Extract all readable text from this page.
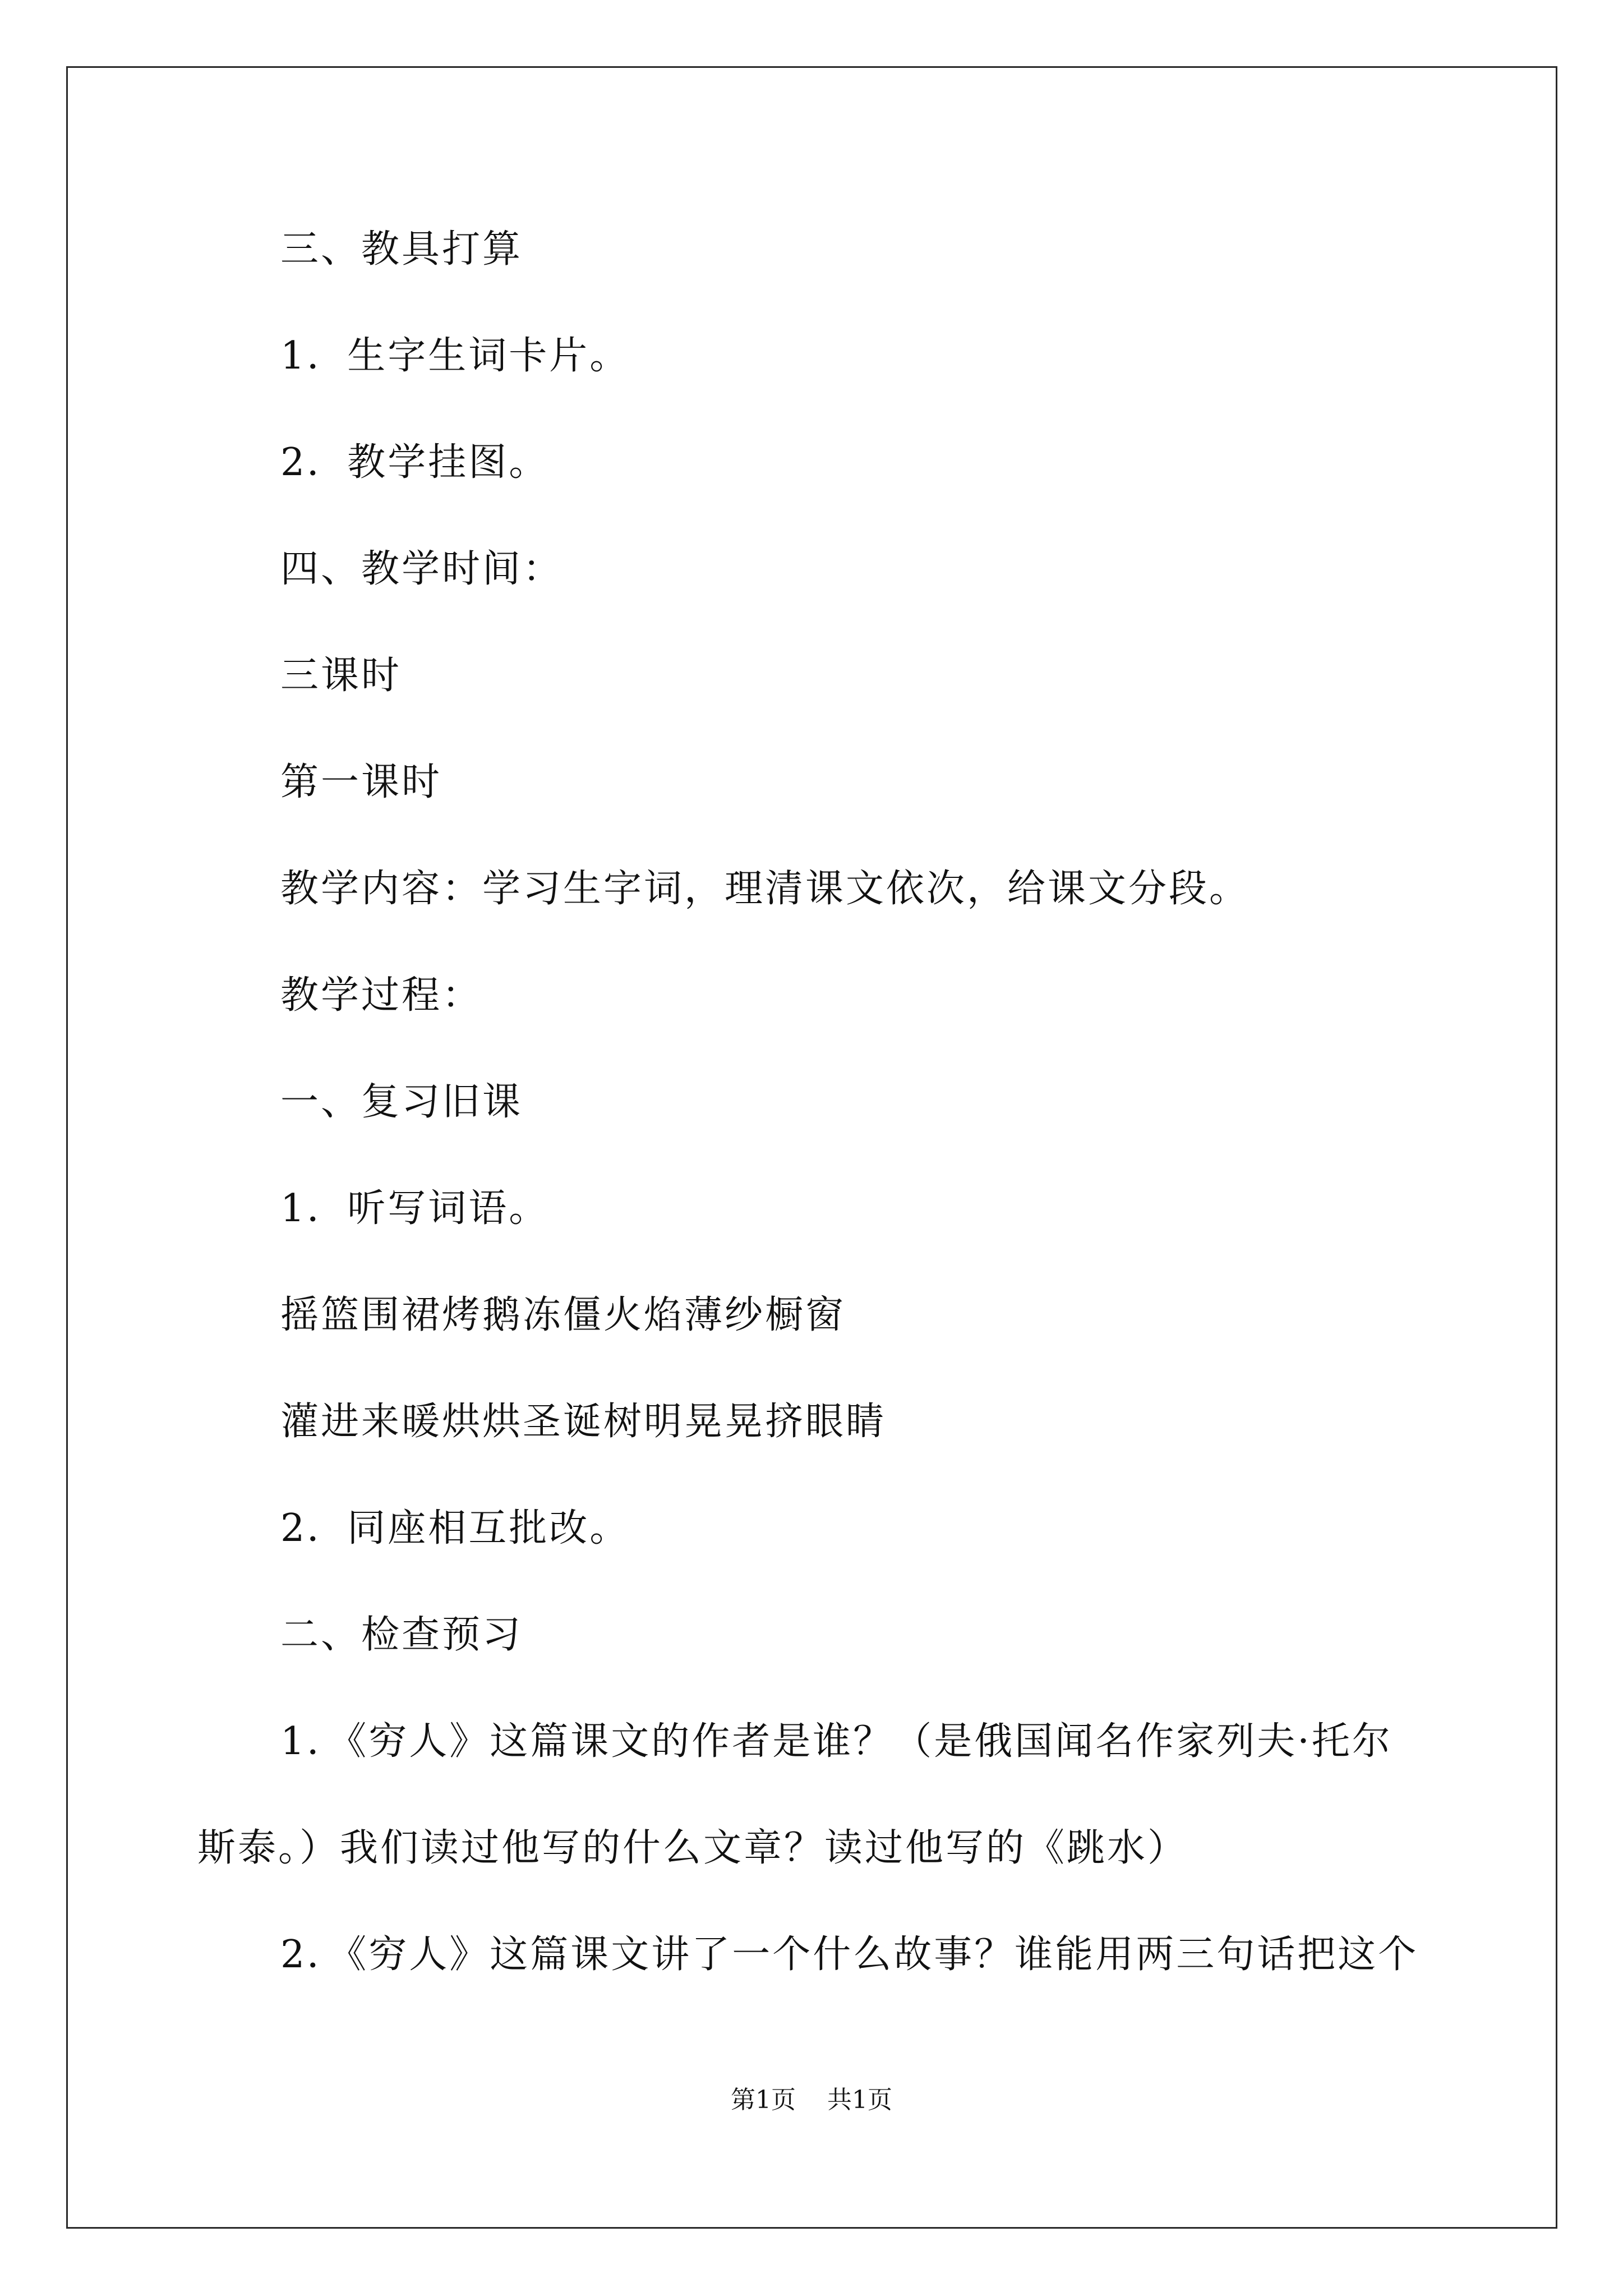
三、教具打算
1．生字生词卡片。
2．教学挂图。
四、教学时间：
三课时
第一课时
教学内容：学习生字词，理清课文依次，给课文分段。
教学过程：
一、复习旧课
1．听写词语。
摇篮围裙烤鹅冻僵火焰薄纱橱窗
灌进来暖烘烘圣诞树明晃晃挤眼睛
2．同座相互批改。
二、检查预习
1．《穷人》这篇课文的作者是谁？（是俄国闻名作家列夫·托尔
斯泰。）我们读过他写的什么文章？读过他写的《跳水）
2．《穷人》这篇课文讲了一个什么故事？谁能用两三句话把这个
第1页    共1页
